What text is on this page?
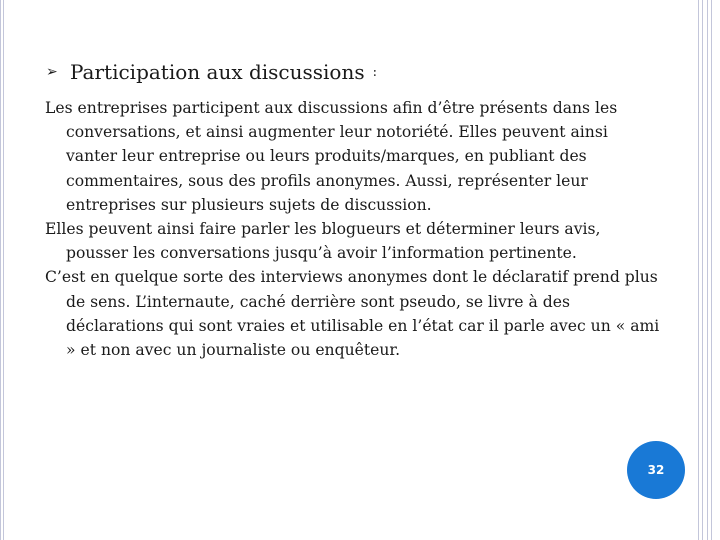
➢ Participation aux discussions :

Les entreprises participent aux discussions afin d’être présents dans les conversations, et ainsi augmenter leur notoriété. Elles peuvent ainsi vanter leur entreprise ou leurs produits/marques, en publiant des commentaires, sous des profils anonymes. Aussi, représenter leur entreprises sur plusieurs sujets de discussion.

Elles peuvent ainsi faire parler les blogueurs et déterminer leurs avis, pousser les conversations jusqu’à avoir l’information pertinente.

C’est en quelque sorte des interviews anonymes dont le déclaratif prend plus de sens. L’internaute, caché derrière sont pseudo, se livre à des déclarations qui sont vraies et utilisable en l’état car il parle avec un « ami » et non avec un journaliste ou enquêteur.

32
